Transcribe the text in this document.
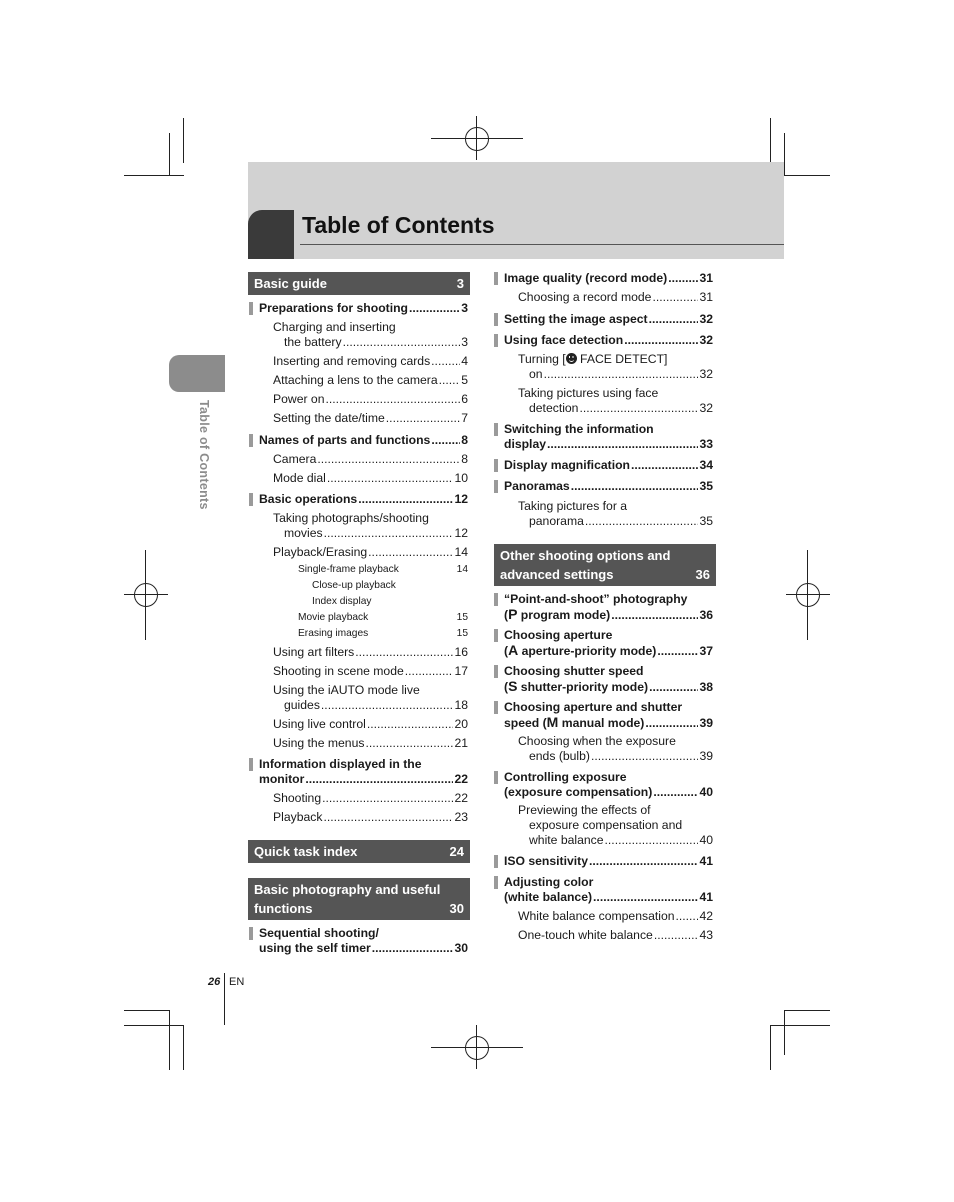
Table of Contents
Table of Contents
Basic guide	3
Preparations for shooting .....	3
Charging and inserting
the battery .....	3
Inserting and removing cards .....	4
Attaching a lens to the camera ..... 5
Power on .....	6
Setting the date/time .....	7
Names of parts and functions .....	8
Camera .....	8
Mode dial .....	10
Basic operations .....	12
Taking photographs/shooting
movies .....	12
Playback/Erasing .....	14
Single-frame playback	14
Close-up playback
Index display
Movie playback	15
Erasing images	15
Using art filters .....	16
Shooting in scene mode .....	17
Using the iAUTO mode live
guides .....	18
Using live control .....	20
Using the menus .....	21
Information displayed in the
monitor .....	22
Shooting .....	22
Playback .....	23
Quick task index	24
Basic photography and useful
functions	30
Sequential shooting/
using the self timer .....	30
Image quality (record mode) .....	31
Choosing a record mode .....	31
Setting the image aspect .....	32
Using face detection .....	32
Turning [ FACE DETECT]
on .....	32
Taking pictures using face
detection .....	32
Switching the information
display .....	33
Display magnification .....	34
Panoramas .....	35
Taking pictures for a
panorama .....	35
Other shooting options and
advanced settings	36
“Point-and-shoot” photography
(P program mode) .....	36
Choosing aperture
(A aperture-priority mode) .....	37
Choosing shutter speed
(S shutter-priority mode) .....	38
Choosing aperture and shutter
speed (M manual mode) .....	39
Choosing when the exposure
ends (bulb) .....	39
Controlling exposure
(exposure compensation) .....	40
Previewing the effects of
exposure compensation and
white balance .....	40
ISO sensitivity .....	41
Adjusting color
(white balance) .....	41
White balance compensation ..... 42
One-touch white balance .....	43
26 EN
